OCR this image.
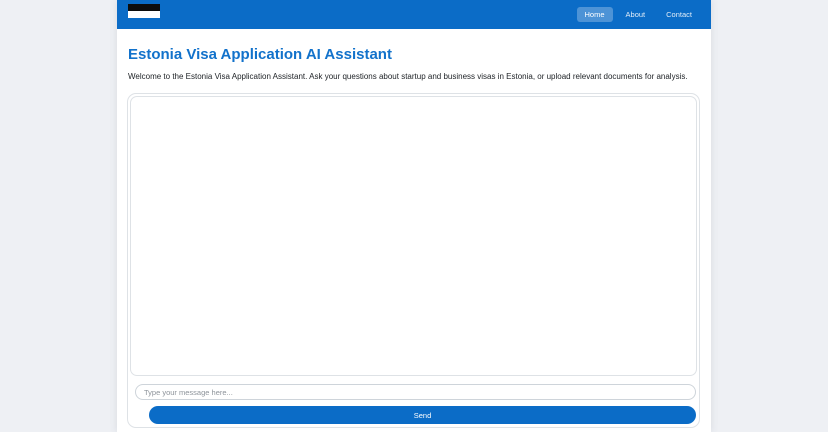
Home	About	Contact
Estonia Visa Application AI Assistant

Welcome to the Estonia Visa Application Assistant. Ask your questions about startup and business visas in Estonia, or upload relevant documents for analysis.

Type your message here...
Send
